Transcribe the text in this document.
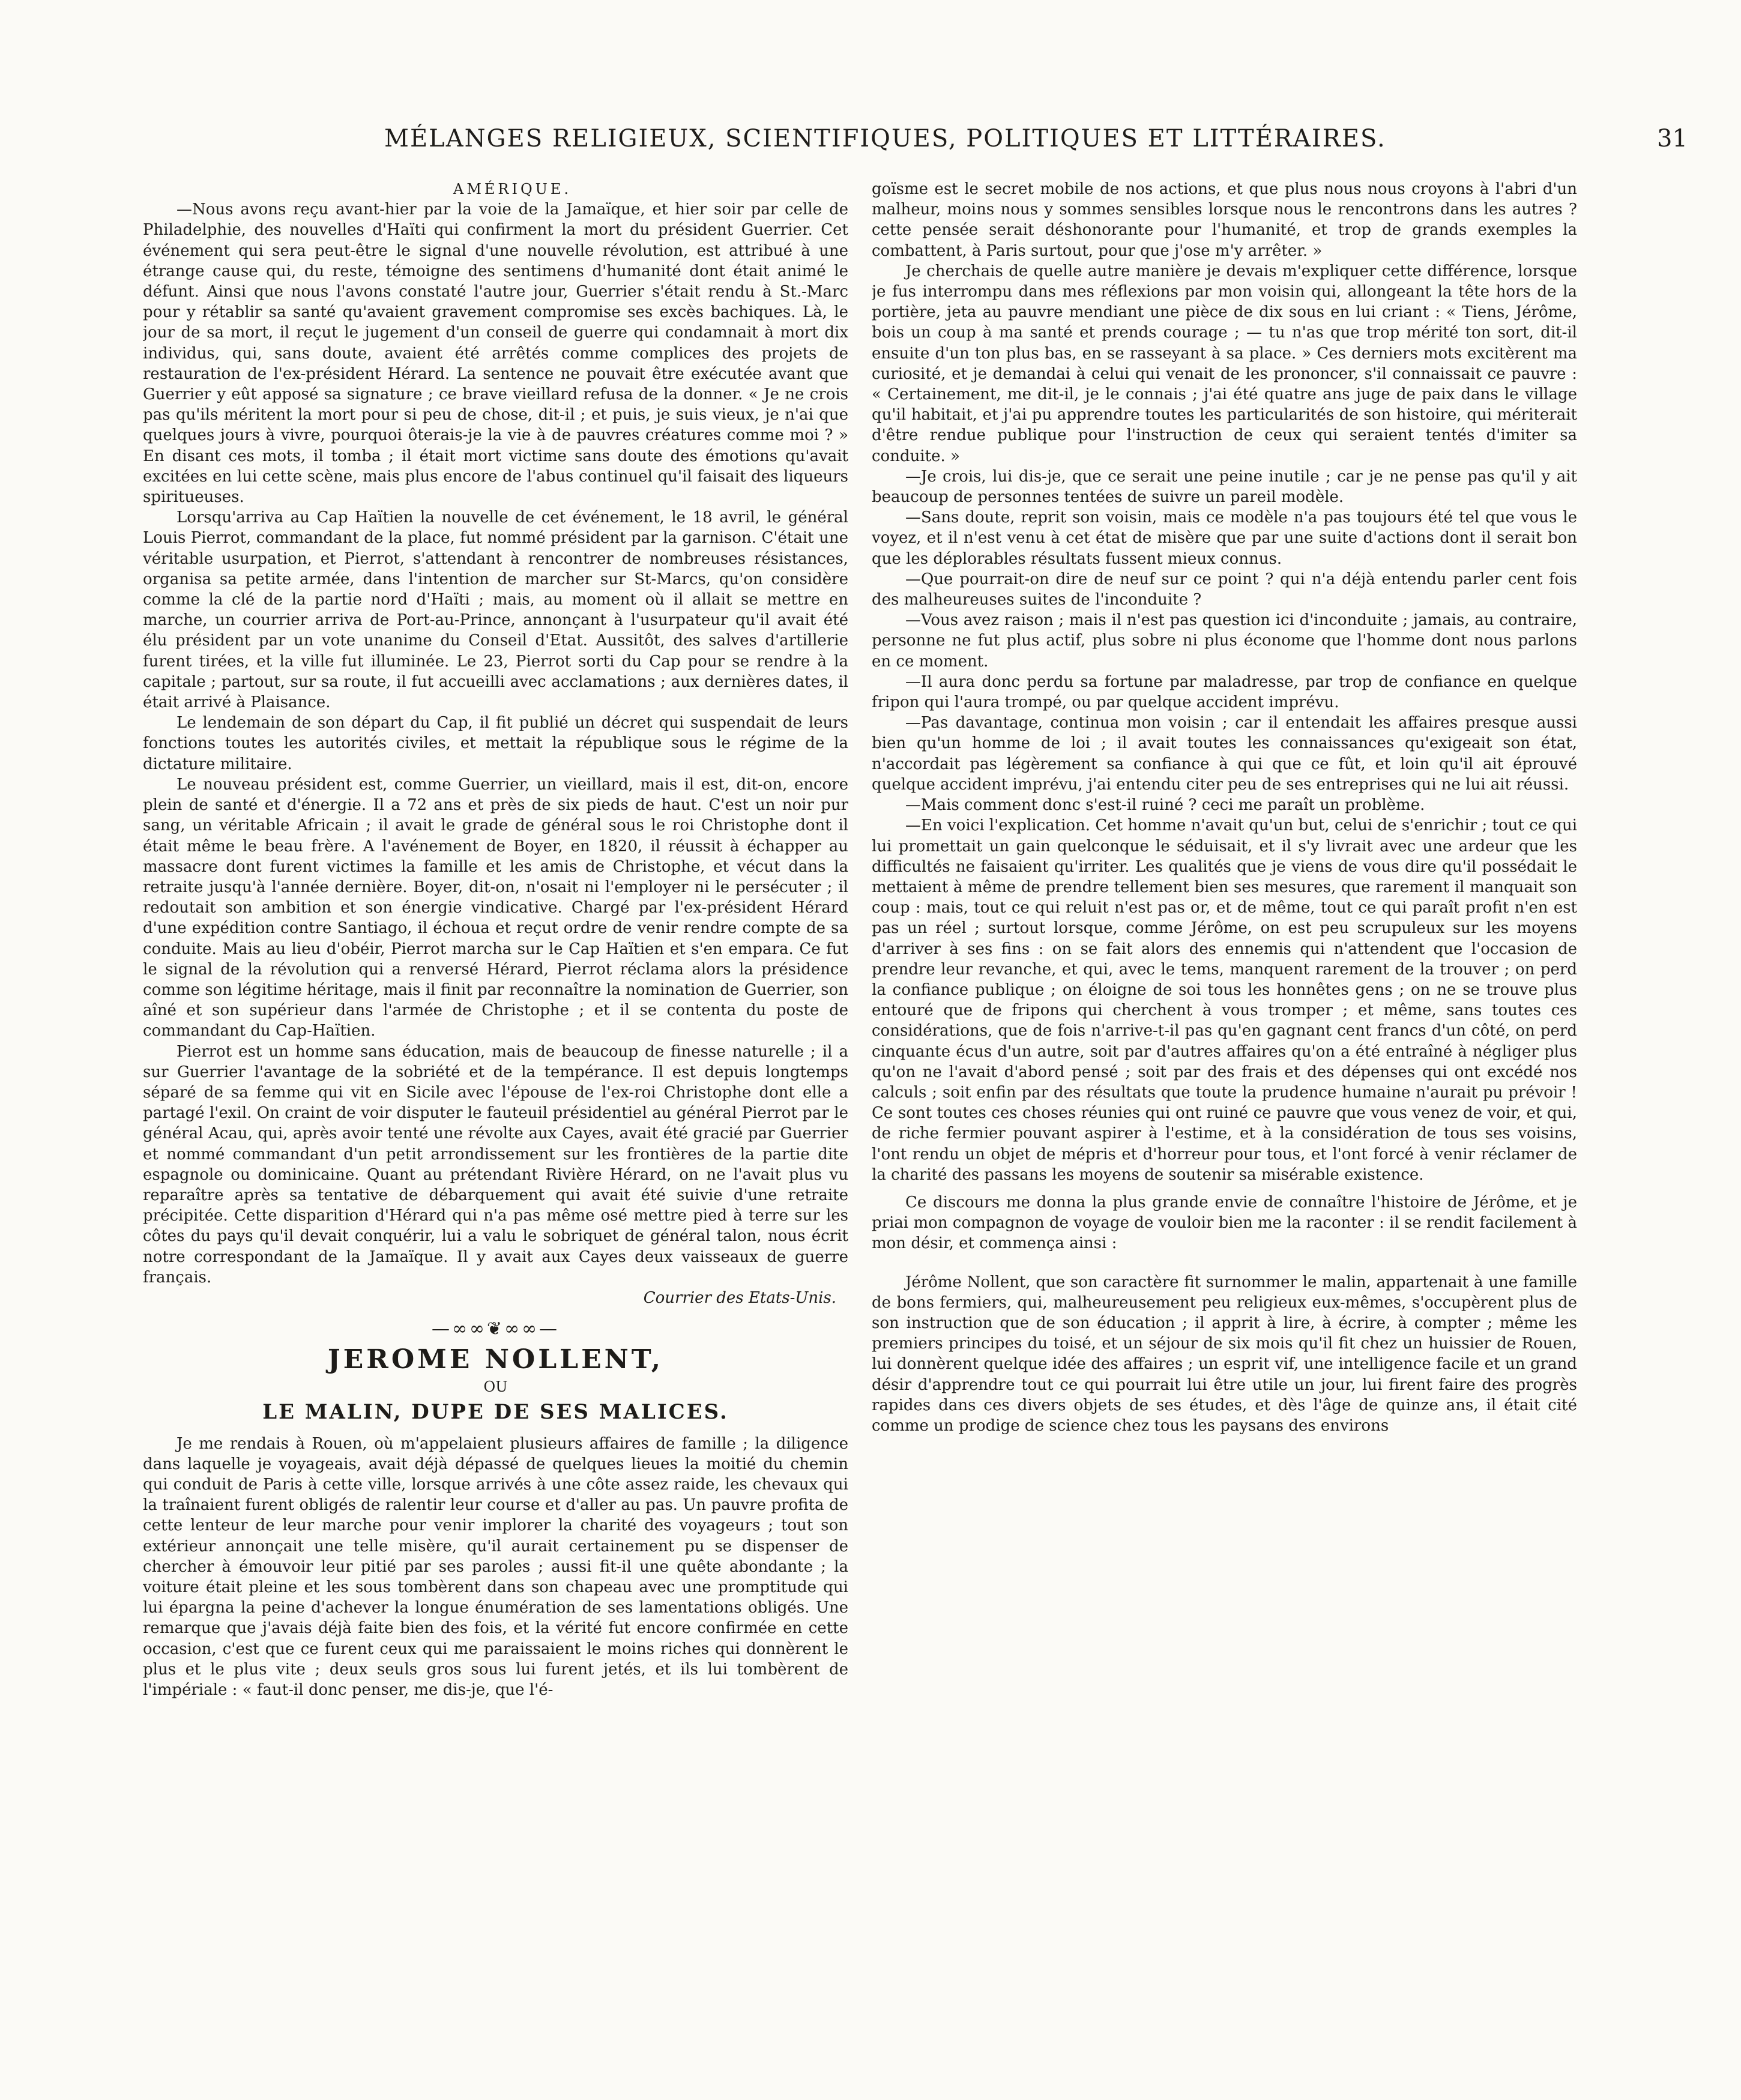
MÉLANGES RELIGIEUX, SCIENTIFIQUES, POLITIQUES ET LITTÉRAIRES.	31

AMÉRIQUE.

—Nous avons reçu avant-hier par la voie de la Jamaïque, et hier soir par celle de Philadelphie, des nouvelles d'Haïti qui confirment la mort du président Guerrier. Cet événement qui sera peut-être le signal d'une nouvelle révolution, est attribué à une étrange cause qui, du reste, témoigne des sentimens d'humanité dont était animé le défunt. Ainsi que nous l'avons constaté l'autre jour, Guerrier s'était rendu à St.-Marc pour y rétablir sa santé qu'avaient gravement compromise ses excès bachiques. Là, le jour de sa mort, il reçut le jugement d'un conseil de guerre qui condamnait à mort dix individus, qui, sans doute, avaient été arrêtés comme complices des projets de restauration de l'ex-président Hérard. La sentence ne pouvait être exécutée avant que Guerrier y eût apposé sa signature ; ce brave vieillard refusa de la donner. « Je ne crois pas qu'ils méritent la mort pour si peu de chose, dit-il ; et puis, je suis vieux, je n'ai que quelques jours à vivre, pourquoi ôterais-je la vie à de pauvres créatures comme moi ? » En disant ces mots, il tomba ; il était mort victime sans doute des émotions qu'avait excitées en lui cette scène, mais plus encore de l'abus continuel qu'il faisait des liqueurs spiritueuses.

Lorsqu'arriva au Cap Haïtien la nouvelle de cet événement, le 18 avril, le général Louis Pierrot, commandant de la place, fut nommé président par la garnison. C'était une véritable usurpation, et Pierrot, s'attendant à rencontrer de nombreuses résistances, organisa sa petite armée, dans l'intention de marcher sur St-Marcs, qu'on considère comme la clé de la partie nord d'Haïti ; mais, au moment où il allait se mettre en marche, un courrier arriva de Port-au-Prince, annonçant à l'usurpateur qu'il avait été élu président par un vote unanime du Conseil d'Etat. Aussitôt, des salves d'artillerie furent tirées, et la ville fut illuminée. Le 23, Pierrot sorti du Cap pour se rendre à la capitale ; partout, sur sa route, il fut accueilli avec acclamations ; aux dernières dates, il était arrivé à Plaisance.

Le lendemain de son départ du Cap, il fit publié un décret qui suspendait de leurs fonctions toutes les autorités civiles, et mettait la république sous le régime de la dictature militaire.

Le nouveau président est, comme Guerrier, un vieillard, mais il est, dit-on, encore plein de santé et d'énergie. Il a 72 ans et près de six pieds de haut. C'est un noir pur sang, un véritable Africain ; il avait le grade de général sous le roi Christophe dont il était même le beau frère. A l'avénement de Boyer, en 1820, il réussit à échapper au massacre dont furent victimes la famille et les amis de Christophe, et vécut dans la retraite jusqu'à l'année dernière. Boyer, dit-on, n'osait ni l'employer ni le persécuter ; il redoutait son ambition et son énergie vindicative. Chargé par l'ex-président Hérard d'une expédition contre Santiago, il échoua et reçut ordre de venir rendre compte de sa conduite. Mais au lieu d'obéir, Pierrot marcha sur le Cap Haïtien et s'en empara. Ce fut le signal de la révolution qui a renversé Hérard, Pierrot réclama alors la présidence comme son légitime héritage, mais il finit par reconnaître la nomination de Guerrier, son aîné et son supérieur dans l'armée de Christophe ; et il se contenta du poste de commandant du Cap-Haïtien.

Pierrot est un homme sans éducation, mais de beaucoup de finesse naturelle ; il a sur Guerrier l'avantage de la sobriété et de la tempérance. Il est depuis longtemps séparé de sa femme qui vit en Sicile avec l'épouse de l'ex-roi Christophe dont elle a partagé l'exil. On craint de voir disputer le fauteuil présidentiel au général Pierrot par le général Acau, qui, après avoir tenté une révolte aux Cayes, avait été gracié par Guerrier et nommé commandant d'un petit arrondissement sur les frontières de la partie dite espagnole ou dominicaine. Quant au prétendant Rivière Hérard, on ne l'avait plus vu reparaître après sa tentative de débarquement qui avait été suivie d'une retraite précipitée. Cette disparition d'Hérard qui n'a pas même osé mettre pied à terre sur les côtes du pays qu'il devait conquérir, lui a valu le sobriquet de général talon, nous écrit notre correspondant de la Jamaïque. Il y avait aux Cayes deux vaisseaux de guerre français.

Courrier des Etats-Unis.

—∞∞❦∞∞—
JEROME NOLLENT,
OU
LE MALIN, DUPE DE SES MALICES.

Je me rendais à Rouen, où m'appelaient plusieurs affaires de famille ; la diligence dans laquelle je voyageais, avait déjà dépassé de quelques lieues la moitié du chemin qui conduit de Paris à cette ville, lorsque arrivés à une côte assez raide, les chevaux qui la traînaient furent obligés de ralentir leur course et d'aller au pas. Un pauvre profita de cette lenteur de leur marche pour venir implorer la charité des voyageurs ; tout son extérieur annonçait une telle misère, qu'il aurait certainement pu se dispenser de chercher à émouvoir leur pitié par ses paroles ; aussi fit-il une quête abondante ; la voiture était pleine et les sous tombèrent dans son chapeau avec une promptitude qui lui épargna la peine d'achever la longue énumération de ses lamentations obligés. Une remarque que j'avais déjà faite bien des fois, et la vérité fut encore confirmée en cette occasion, c'est que ce furent ceux qui me paraissaient le moins riches qui donnèrent le plus et le plus vite ; deux seuls gros sous lui furent jetés, et ils lui tombèrent de l'impériale : « faut-il donc penser, me dis-je, que l'é-

goïsme est le secret mobile de nos actions, et que plus nous nous croyons à l'abri d'un malheur, moins nous y sommes sensibles lorsque nous le rencontrons dans les autres ? cette pensée serait déshonorante pour l'humanité, et trop de grands exemples la combattent, à Paris surtout, pour que j'ose m'y arrêter. »

Je cherchais de quelle autre manière je devais m'expliquer cette différence, lorsque je fus interrompu dans mes réflexions par mon voisin qui, allongeant la tête hors de la portière, jeta au pauvre mendiant une pièce de dix sous en lui criant : « Tiens, Jérôme, bois un coup à ma santé et prends courage ; — tu n'as que trop mérité ton sort, dit-il ensuite d'un ton plus bas, en se rasseyant à sa place. » Ces derniers mots excitèrent ma curiosité, et je demandai à celui qui venait de les prononcer, s'il connaissait ce pauvre : « Certainement, me dit-il, je le connais ; j'ai été quatre ans juge de paix dans le village qu'il habitait, et j'ai pu apprendre toutes les particularités de son histoire, qui mériterait d'être rendue publique pour l'instruction de ceux qui seraient tentés d'imiter sa conduite. »

—Je crois, lui dis-je, que ce serait une peine inutile ; car je ne pense pas qu'il y ait beaucoup de personnes tentées de suivre un pareil modèle.

—Sans doute, reprit son voisin, mais ce modèle n'a pas toujours été tel que vous le voyez, et il n'est venu à cet état de misère que par une suite d'actions dont il serait bon que les déplorables résultats fussent mieux connus.

—Que pourrait-on dire de neuf sur ce point ? qui n'a déjà entendu parler cent fois des malheureuses suites de l'inconduite ?

—Vous avez raison ; mais il n'est pas question ici d'inconduite ; jamais, au contraire, personne ne fut plus actif, plus sobre ni plus économe que l'homme dont nous parlons en ce moment.

—Il aura donc perdu sa fortune par maladresse, par trop de confiance en quelque fripon qui l'aura trompé, ou par quelque accident imprévu.

—Pas davantage, continua mon voisin ; car il entendait les affaires presque aussi bien qu'un homme de loi ; il avait toutes les connaissances qu'exigeait son état, n'accordait pas légèrement sa confiance à qui que ce fût, et loin qu'il ait éprouvé quelque accident imprévu, j'ai entendu citer peu de ses entreprises qui ne lui ait réussi.

—Mais comment donc s'est-il ruiné ? ceci me paraît un problème.

—En voici l'explication. Cet homme n'avait qu'un but, celui de s'enrichir ; tout ce qui lui promettait un gain quelconque le séduisait, et il s'y livrait avec une ardeur que les difficultés ne faisaient qu'irriter. Les qualités que je viens de vous dire qu'il possédait le mettaient à même de prendre tellement bien ses mesures, que rarement il manquait son coup : mais, tout ce qui reluit n'est pas or, et de même, tout ce qui paraît profit n'en est pas un réel ; surtout lorsque, comme Jérôme, on est peu scrupuleux sur les moyens d'arriver à ses fins : on se fait alors des ennemis qui n'attendent que l'occasion de prendre leur revanche, et qui, avec le tems, manquent rarement de la trouver ; on perd la confiance publique ; on éloigne de soi tous les honnêtes gens ; on ne se trouve plus entouré que de fripons qui cherchent à vous tromper ; et même, sans toutes ces considérations, que de fois n'arrive-t-il pas qu'en gagnant cent francs d'un côté, on perd cinquante écus d'un autre, soit par d'autres affaires qu'on a été entraîné à négliger plus qu'on ne l'avait d'abord pensé ; soit par des frais et des dépenses qui ont excédé nos calculs ; soit enfin par des résultats que toute la prudence humaine n'aurait pu prévoir ! Ce sont toutes ces choses réunies qui ont ruiné ce pauvre que vous venez de voir, et qui, de riche fermier pouvant aspirer à l'estime, et à la considération de tous ses voisins, l'ont rendu un objet de mépris et d'horreur pour tous, et l'ont forcé à venir réclamer de la charité des passans les moyens de soutenir sa misérable existence.

Ce discours me donna la plus grande envie de connaître l'histoire de Jérôme, et je priai mon compagnon de voyage de vouloir bien me la raconter : il se rendit facilement à mon désir, et commença ainsi :

Jérôme Nollent, que son caractère fit surnommer le malin, appartenait à une famille de bons fermiers, qui, malheureusement peu religieux eux-mêmes, s'occupèrent plus de son instruction que de son éducation ; il apprit à lire, à écrire, à compter ; même les premiers principes du toisé, et un séjour de six mois qu'il fit chez un huissier de Rouen, lui donnèrent quelque idée des affaires ; un esprit vif, une intelligence facile et un grand désir d'apprendre tout ce qui pourrait lui être utile un jour, lui firent faire des progrès rapides dans ces divers objets de ses études, et dès l'âge de quinze ans, il était cité comme un prodige de science chez tous les paysans des environs
